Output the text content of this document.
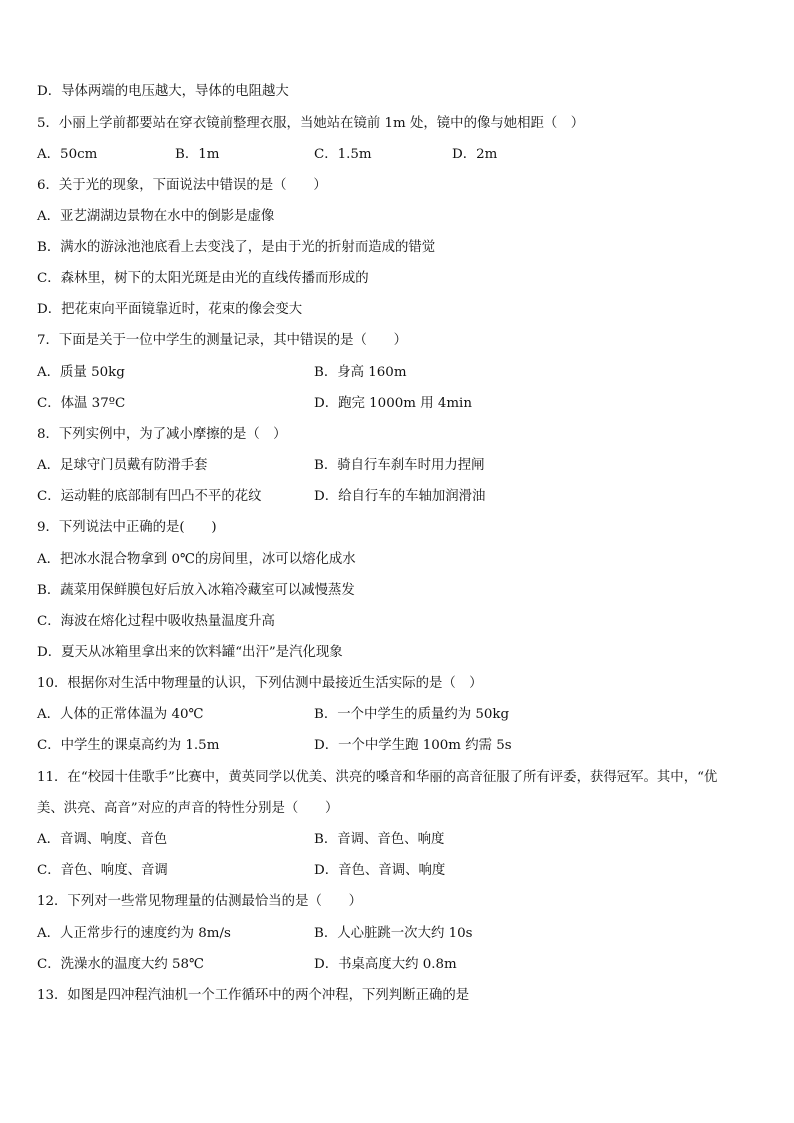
D．导体两端的电压越大，导体的电阻越大
5．小丽上学前都要站在穿衣镜前整理衣服，当她站在镜前 1m 处，镜中的像与她相距（　）
A．50cm	B．1m	C．1.5m	D．2m
6．关于光的现象，下面说法中错误的是（　　）
A．亚艺湖湖边景物在水中的倒影是虚像
B．满水的游泳池池底看上去变浅了，是由于光的折射而造成的错觉
C．森林里，树下的太阳光斑是由光的直线传播而形成的
D．把花束向平面镜靠近时，花束的像会变大
7．下面是关于一位中学生的测量记录，其中错误的是（　　）
A．质量 50kg	B．身高 160m
C．体温 37ºC	D．跑完 1000m 用 4min
8．下列实例中，为了减小摩擦的是（　）
A．足球守门员戴有防滑手套	B．骑自行车刹车时用力捏闸
C．运动鞋的底部制有凹凸不平的花纹	D．给自行车的车轴加润滑油
9．下列说法中正确的是(　　)
A．把冰水混合物拿到 0℃的房间里，冰可以熔化成水
B．蔬菜用保鲜膜包好后放入冰箱冷藏室可以减慢蒸发
C．海波在熔化过程中吸收热量温度升高
D．夏天从冰箱里拿出来的饮料罐“出汗”是汽化现象
10．根据你对生活中物理量的认识，下列估测中最接近生活实际的是（　）
A．人体的正常体温为 40℃	B．一个中学生的质量约为 50kg
C．中学生的课桌高约为 1.5m	D．一个中学生跑 100m 约需 5s
11．在“校园十佳歌手”比赛中，黄英同学以优美、洪亮的嗓音和华丽的高音征服了所有评委，获得冠军。其中，“优
美、洪亮、高音”对应的声音的特性分别是（　　）
A．音调、响度、音色	B．音调、音色、响度
C．音色、响度、音调	D．音色、音调、响度
12．下列对一些常见物理量的估测最恰当的是（　　）
A．人正常步行的速度约为 8m/s	B．人心脏跳一次大约 10s
C．洗澡水的温度大约 58℃	D．书桌高度大约 0.8m
13．如图是四冲程汽油机一个工作循环中的两个冲程，下列判断正确的是
